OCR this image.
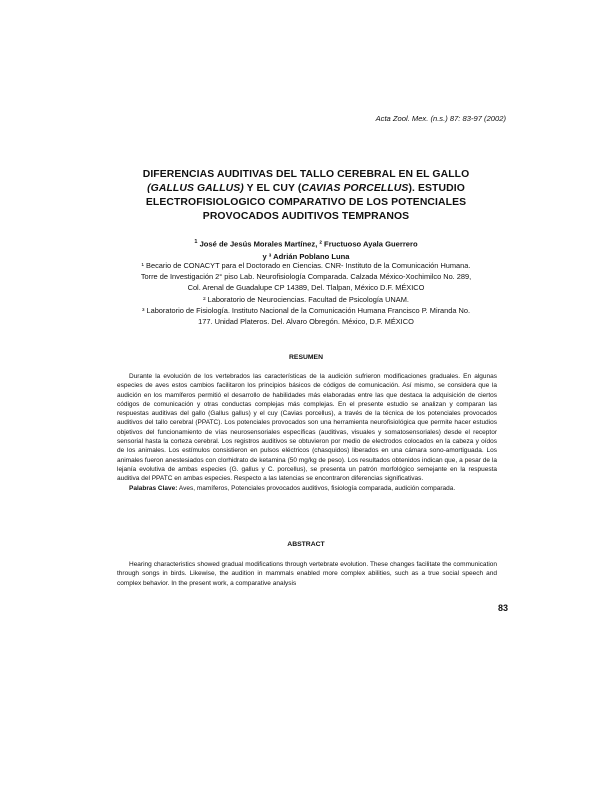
Acta Zool. Mex. (n.s.) 87: 83-97 (2002)
DIFERENCIAS AUDITIVAS DEL TALLO CEREBRAL EN EL GALLO
(GALLUS GALLUS) Y EL CUY (CAVIAS PORCELLUS). ESTUDIO
ELECTROFISIOLOGICO COMPARATIVO DE LOS POTENCIALES
PROVOCADOS AUDITIVOS TEMPRANOS
$^1$ José de Jesús Morales Martínez, ² Fructuoso Ayala Guerrero
y ³ Adrián Poblano Luna

¹ Becario de CONACYT para el Doctorado en Ciencias. CNR- Instituto de la Comunicación Humana. Torre de Investigación 2° piso Lab. Neurofisiología Comparada. Calzada México-Xochimilco No. 289, Col. Arenal de Guadalupe CP 14389, Del. Tlalpan, México D.F. MÉXICO

² Laboratorio de Neurociencias. Facultad de Psicología UNAM.

³ Laboratorio de Fisiología. Instituto Nacional de la Comunicación Humana Francisco P. Miranda No. 177. Unidad Plateros. Del. Alvaro Obregón. México, D.F. MÉXICO

RESUMEN

Durante la evolución de los vertebrados las características de la audición sufrieron modificaciones graduales. En algunas especies de aves estos cambios facilitaron los principios básicos de códigos de comunicación. Así mismo, se considera que la audición en los mamíferos permitió el desarrollo de habilidades más elaboradas entre las que destaca la adquisición de ciertos códigos de comunicación y otras conductas complejas más complejas. En el presente estudio se analizan y comparan las respuestas auditivas del gallo (Gallus gallus) y el cuy (Cavias porcellus), a través de la técnica de los potenciales provocados auditivos del tallo cerebral (PPATC). Los potenciales provocados son una herramienta neurofisiológica que permite hacer estudios objetivos del funcionamiento de vías neurosensoriales específicas (auditivas, visuales y somatosensoriales) desde el receptor sensorial hasta la corteza cerebral. Los registros auditivos se obtuvieron por medio de electrodos colocados en la cabeza y oídos de los animales. Los estímulos consistieron en pulsos eléctricos (chasquidos) liberados en una cámara sono-amortiguada. Los animales fueron anestesiados con clorhidrato de ketamina (50 mg/kg de peso). Los resultados obtenidos indican que, a pesar de la lejanía evolutiva de ambas especies (G. gallus y C. porcellus), se presenta un patrón morfológico semejante en la respuesta auditiva del PPATC en ambas especies. Respecto a las latencias se encontraron diferencias significativas.

Palabras Clave: Aves, mamíferos, Potenciales provocados auditivos, fisiología comparada, audición comparada.

ABSTRACT

Hearing characteristics showed gradual modifications through vertebrate evolution. These changes facilitate the communication through songs in birds. Likewise, the audition in mammals enabled more complex abilities, such as a true social speech and complex behavior. In the present work, a comparative analysis

83
